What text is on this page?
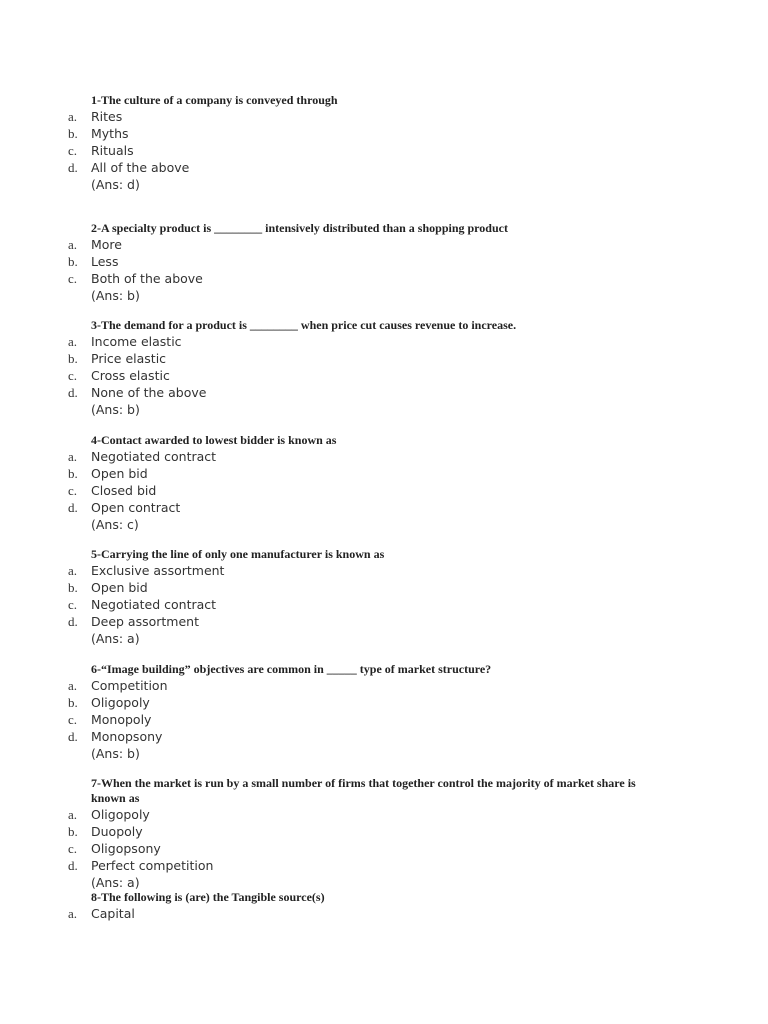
1-The culture of a company is conveyed through
a. Rites
b. Myths
c. Rituals
d. All of the above
(Ans: d)
2-A specialty product is ________ intensively distributed than a shopping product
a. More
b. Less
c. Both of the above
(Ans: b)
3-The demand for a product is ________ when price cut causes revenue to increase.
a. Income elastic
b. Price elastic
c. Cross elastic
d. None of the above
(Ans: b)
4-Contact awarded to lowest bidder is known as
a. Negotiated contract
b. Open bid
c. Closed bid
d. Open contract
(Ans: c)
5-Carrying the line of only one manufacturer is known as
a. Exclusive assortment
b. Open bid
c. Negotiated contract
d. Deep assortment
(Ans: a)
6-“Image building” objectives are common in _____ type of market structure?
a. Competition
b. Oligopoly
c. Monopoly
d. Monopsony
(Ans: b)
7-When the market is run by a small number of firms that together control the majority of market share is known as
a. Oligopoly
b. Duopoly
c. Oligopsony
d. Perfect competition
(Ans: a)
8-The following is (are) the Tangible source(s)
a. Capital
